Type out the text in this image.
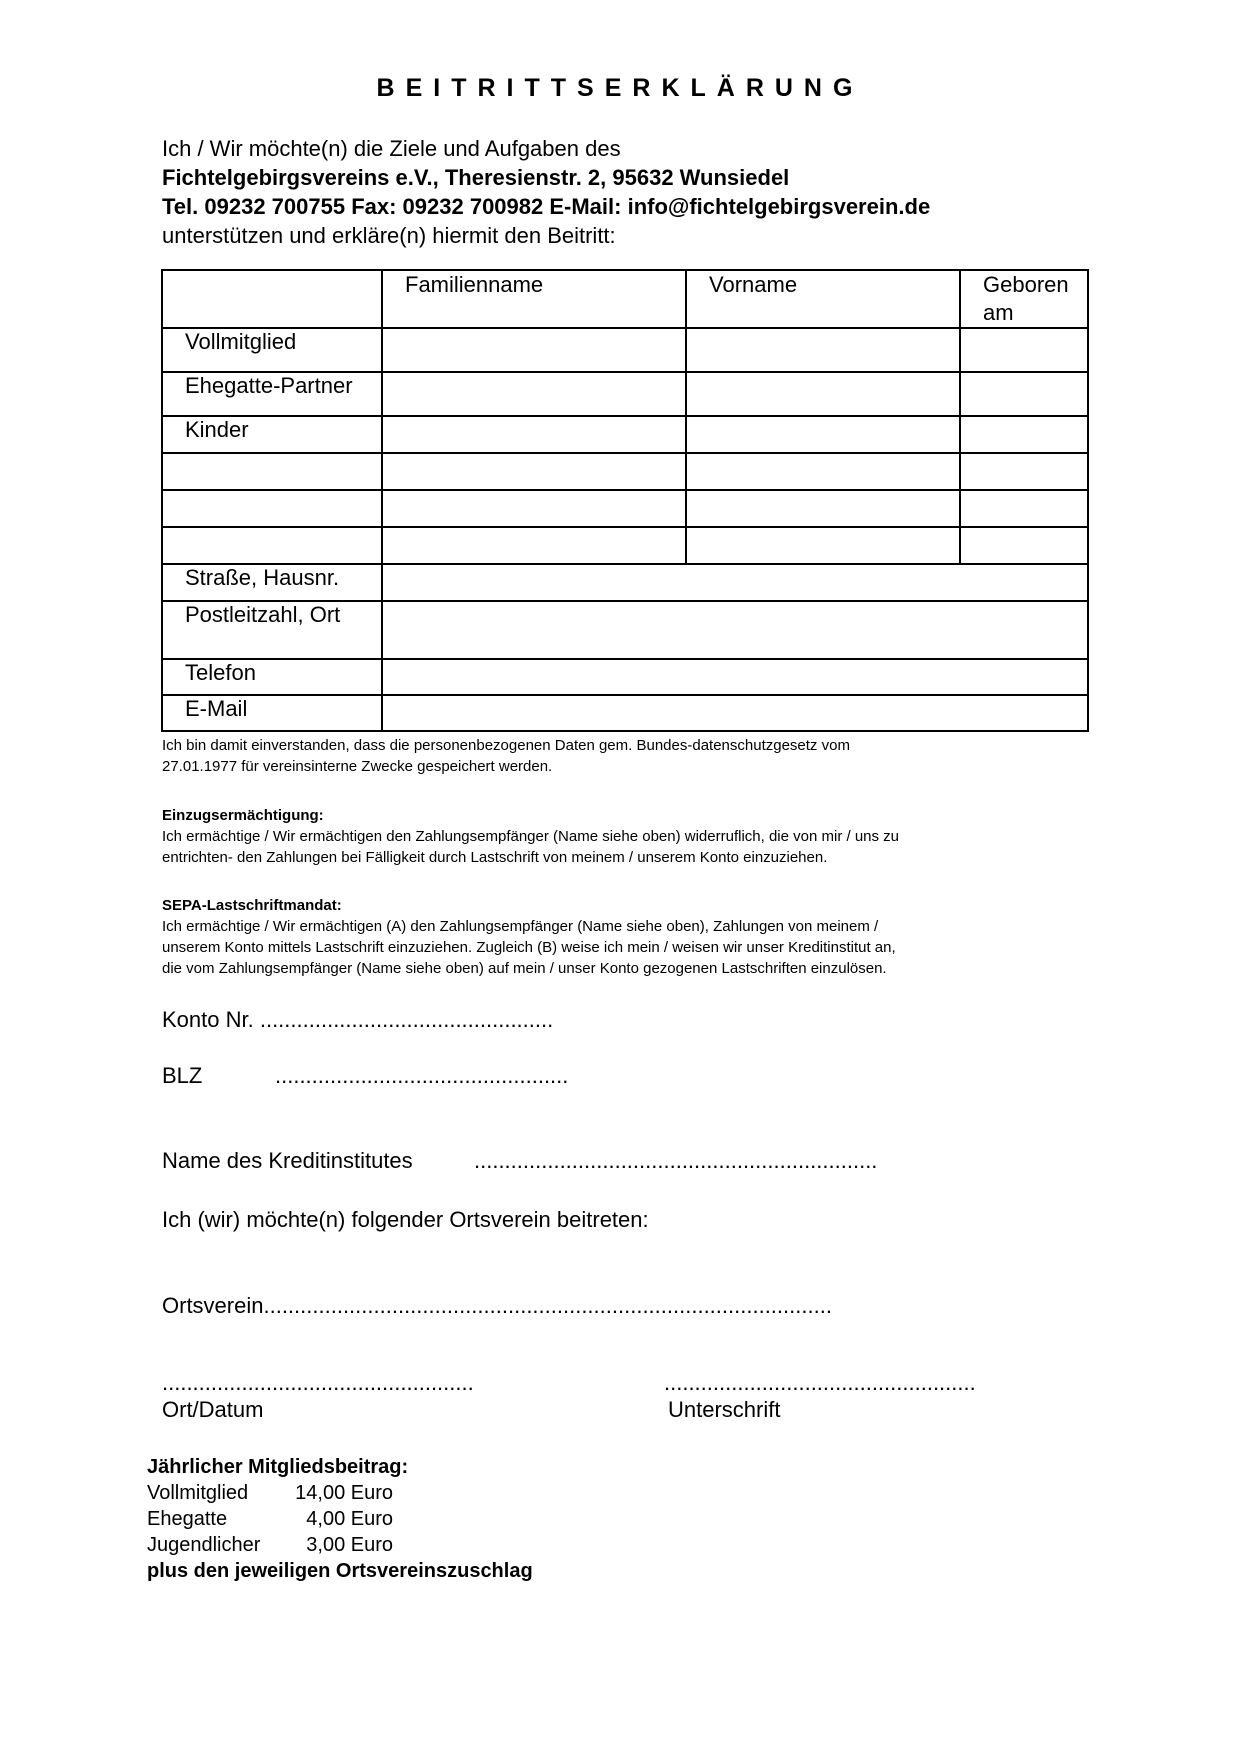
BEITRITTSERKLÄRUNG
Ich / Wir möchte(n) die Ziele und Aufgaben des
Fichtelgebirgsvereins e.V., Theresienstr. 2, 95632 Wunsiedel
Tel. 09232 700755 Fax: 09232 700982 E-Mail: info@fichtelgebirgsverein.de
unterstützen und erkläre(n) hiermit den Beitritt:
	Familienname	Vorname	Geboren am
Vollmitglied			
Ehegatte-Partner			
Kinder			

Straße, Hausnr.			
Postleitzahl, Ort			
Telefon			
E-Mail			
Ich bin damit einverstanden, dass die personenbezogenen Daten gem. Bundes-datenschutzgesetz vom
27.01.1977 für vereinsinterne Zwecke gespeichert werden.
Einzugsermächtigung:
Ich ermächtige / Wir ermächtigen den Zahlungsempfänger (Name siehe oben) widerruflich, die von mir / uns zu
entrichten- den Zahlungen bei Fälligkeit durch Lastschrift von meinem / unserem Konto einzuziehen.
SEPA-Lastschriftmandat:
Ich ermächtige / Wir ermächtigen (A) den Zahlungsempfänger (Name siehe oben), Zahlungen von meinem /
unserem Konto mittels Lastschrift einzuziehen. Zugleich (B) weise ich mein / weisen wir unser Kreditinstitut an,
die vom Zahlungsempfänger (Name siehe oben) auf mein / unser Konto gezogenen Lastschriften einzulösen.
Konto Nr. ................................................
BLZ	................................................
Name des Kreditinstitutes	..................................................................
Ich (wir) möchte(n) folgender Ortsverein beitreten:
Ortsverein.............................................................................................
...................................................
Ort/Datum
...................................................
Unterschrift
Jährlicher Mitgliedsbeitrag:
Vollmitglied 14,00 Euro
Ehegatte	4,00 Euro
Jugendlicher 3,00 Euro
plus den jeweiligen Ortsvereinszuschlag
